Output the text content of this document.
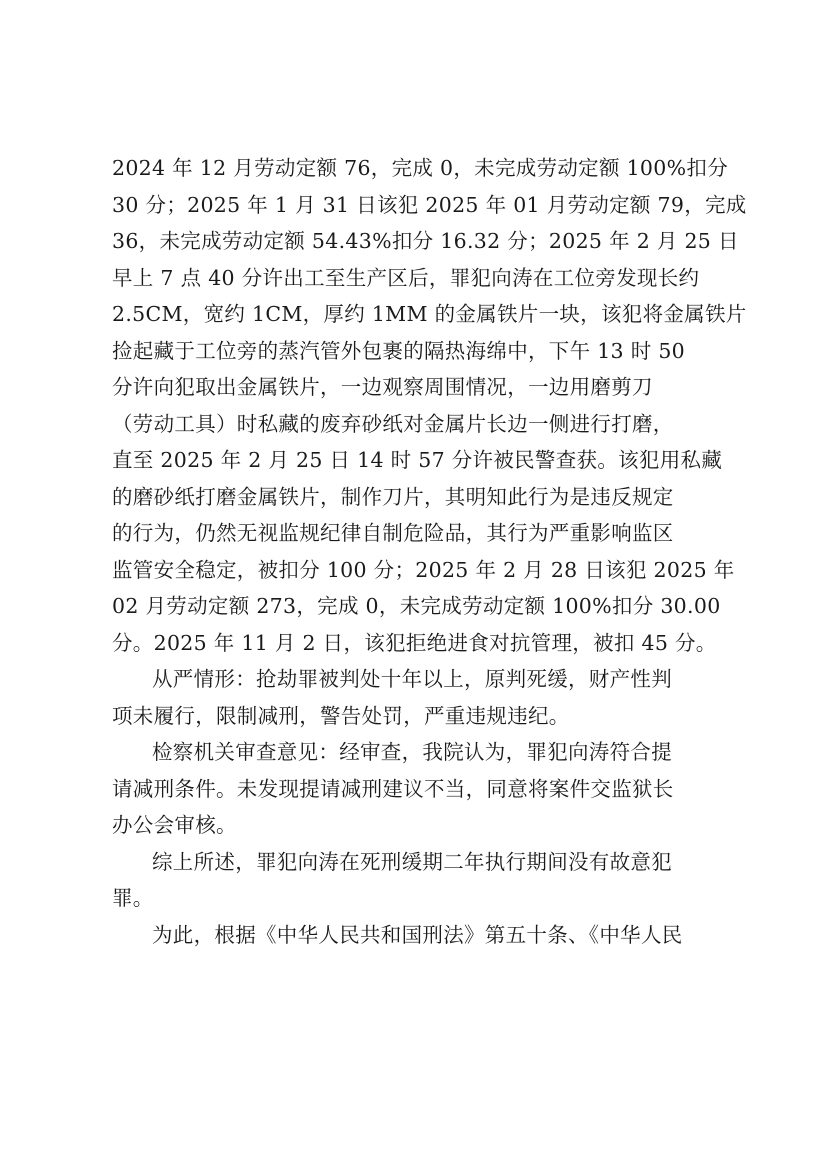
2024 年 12 月劳动定额 76，完成 0，未完成劳动定额 100%扣分
30 分；2025 年 1 月 31 日该犯 2025 年 01 月劳动定额 79，完成
36，未完成劳动定额 54.43%扣分 16.32 分；2025 年 2 月 25 日
早上 7 点 40 分许出工至生产区后，罪犯向涛在工位旁发现长约
2.5CM，宽约 1CM，厚约 1MM 的金属铁片一块，该犯将金属铁片
捡起藏于工位旁的蒸汽管外包裹的隔热海绵中，下午 13 时 50
分许向犯取出金属铁片，一边观察周围情况，一边用磨剪刀
（劳动工具）时私藏的废弃砂纸对金属片长边一侧进行打磨，
直至 2025 年 2 月 25 日 14 时 57 分许被民警查获。该犯用私藏
的磨砂纸打磨金属铁片，制作刀片，其明知此行为是违反规定
的行为，仍然无视监规纪律自制危险品，其行为严重影响监区
监管安全稳定，被扣分 100 分；2025 年 2 月 28 日该犯 2025 年
02 月劳动定额 273，完成 0，未完成劳动定额 100%扣分 30.00
分。2025 年 11 月 2 日，该犯拒绝进食对抗管理，被扣 45 分。
从严情形：抢劫罪被判处十年以上，原判死缓，财产性判
项未履行，限制减刑，警告处罚，严重违规违纪。
检察机关审查意见：经审查，我院认为，罪犯向涛符合提
请减刑条件。未发现提请减刑建议不当，同意将案件交监狱长
办公会审核。
综上所述，罪犯向涛在死刑缓期二年执行期间没有故意犯
罪。
为此，根据《中华人民共和国刑法》第五十条、《中华人民
